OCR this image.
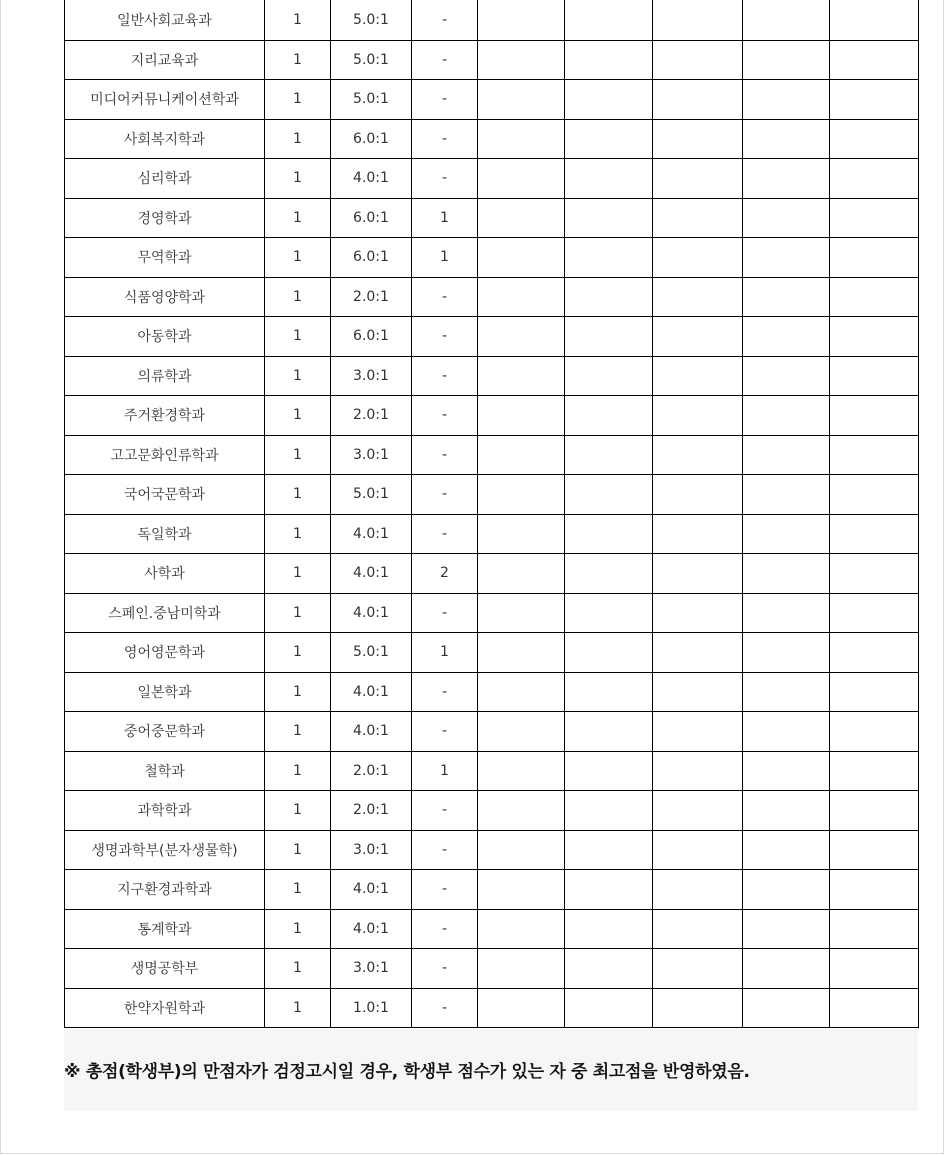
일반사회교육과	1	5.0:1	-					
지리교육과	1	5.0:1	-					
미디어커뮤니케이션학과	1	5.0:1	-					
사회복지학과	1	6.0:1	-					
심리학과	1	4.0:1	-					
경영학과	1	6.0:1	1					
무역학과	1	6.0:1	1					
식품영양학과	1	2.0:1	-					
아동학과	1	6.0:1	-					
의류학과	1	3.0:1	-					
주거환경학과	1	2.0:1	-					
고고문화인류학과	1	3.0:1	-					
국어국문학과	1	5.0:1	-					
독일학과	1	4.0:1	-					
사학과	1	4.0:1	2					
스페인.중남미학과	1	4.0:1	-					
영어영문학과	1	5.0:1	1					
일본학과	1	4.0:1	-					
중어중문학과	1	4.0:1	-					
철학과	1	2.0:1	1					
과학학과	1	2.0:1	-					
생명과학부(분자생물학)	1	3.0:1	-					
지구환경과학과	1	4.0:1	-					
통계학과	1	4.0:1	-					
생명공학부	1	3.0:1	-					
한약자원학과	1	1.0:1	-					
※ 총점(학생부)의 만점자가 검정고시일 경우, 학생부 점수가 있는 자 중 최고점을 반영하였음.
